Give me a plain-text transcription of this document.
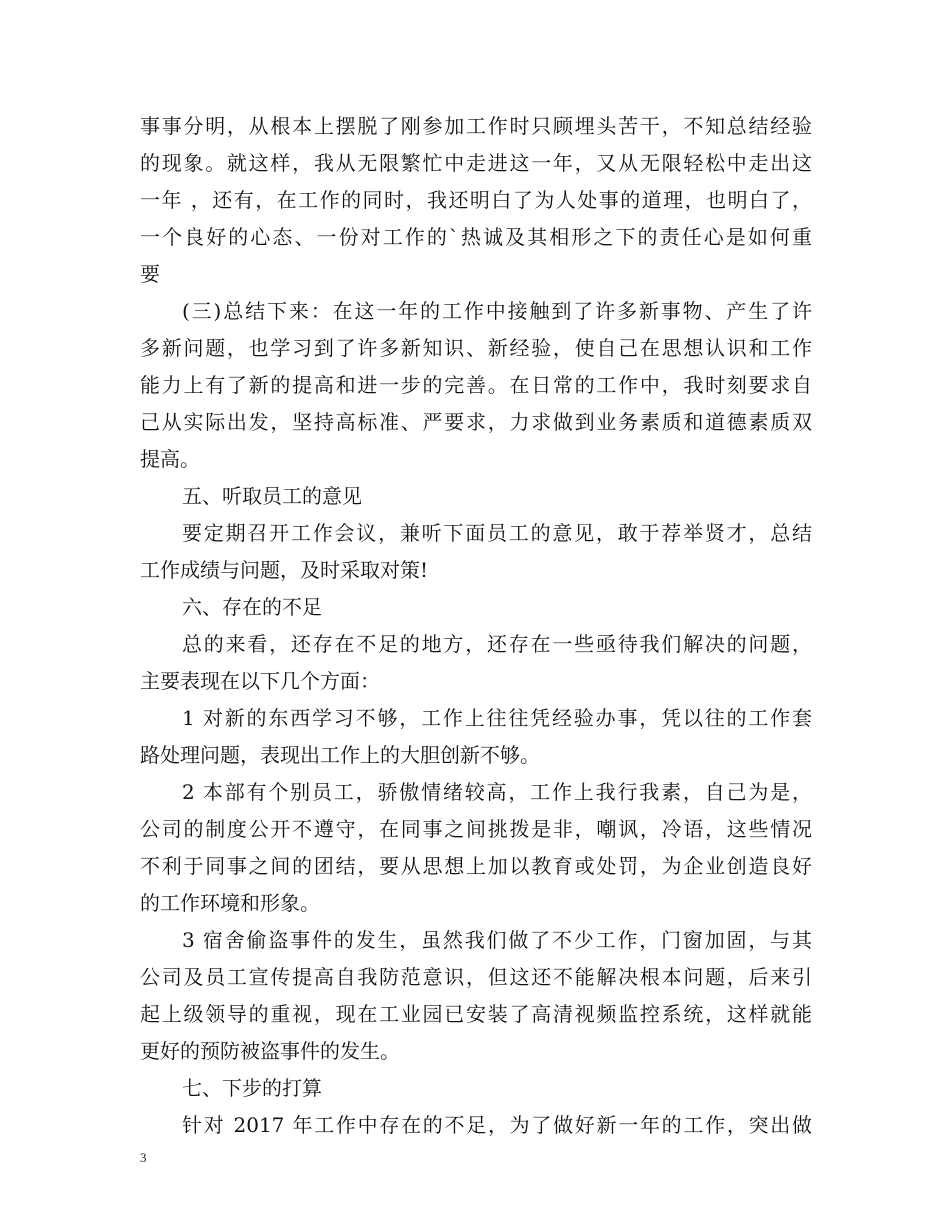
事事分明，从根本上摆脱了刚参加工作时只顾埋头苦干，不知总结经验
的现象。就这样，我从无限繁忙中走进这一年，又从无限轻松中走出这
一年 ，还有，在工作的同时，我还明白了为人处事的道理，也明白了，
一个良好的心态、一份对工作的`热诚及其相形之下的责任心是如何重
要
(三)总结下来：在这一年的工作中接触到了许多新事物、产生了许
多新问题，也学习到了许多新知识、新经验，使自己在思想认识和工作
能力上有了新的提高和进一步的完善。在日常的工作中，我时刻要求自
己从实际出发，坚持高标准、严要求，力求做到业务素质和道德素质双
提高。
五、听取员工的意见
要定期召开工作会议，兼听下面员工的意见，敢于荐举贤才，总结
工作成绩与问题，及时采取对策!
六、存在的不足
总的来看，还存在不足的地方，还存在一些亟待我们解决的问题，
主要表现在以下几个方面：
1 对新的东西学习不够，工作上往往凭经验办事，凭以往的工作套
路处理问题，表现出工作上的大胆创新不够。
2 本部有个别员工，骄傲情绪较高，工作上我行我素，自己为是，
公司的制度公开不遵守，在同事之间挑拨是非，嘲讽，冷语，这些情况
不利于同事之间的团结，要从思想上加以教育或处罚，为企业创造良好
的工作环境和形象。
3 宿舍偷盗事件的发生，虽然我们做了不少工作，门窗加固，与其
公司及员工宣传提高自我防范意识，但这还不能解决根本问题，后来引
起上级领导的重视，现在工业园已安装了高清视频监控系统，这样就能
更好的预防被盗事件的发生。
七、下步的打算
针对 2017 年工作中存在的不足，为了做好新一年的工作，突出做
3
